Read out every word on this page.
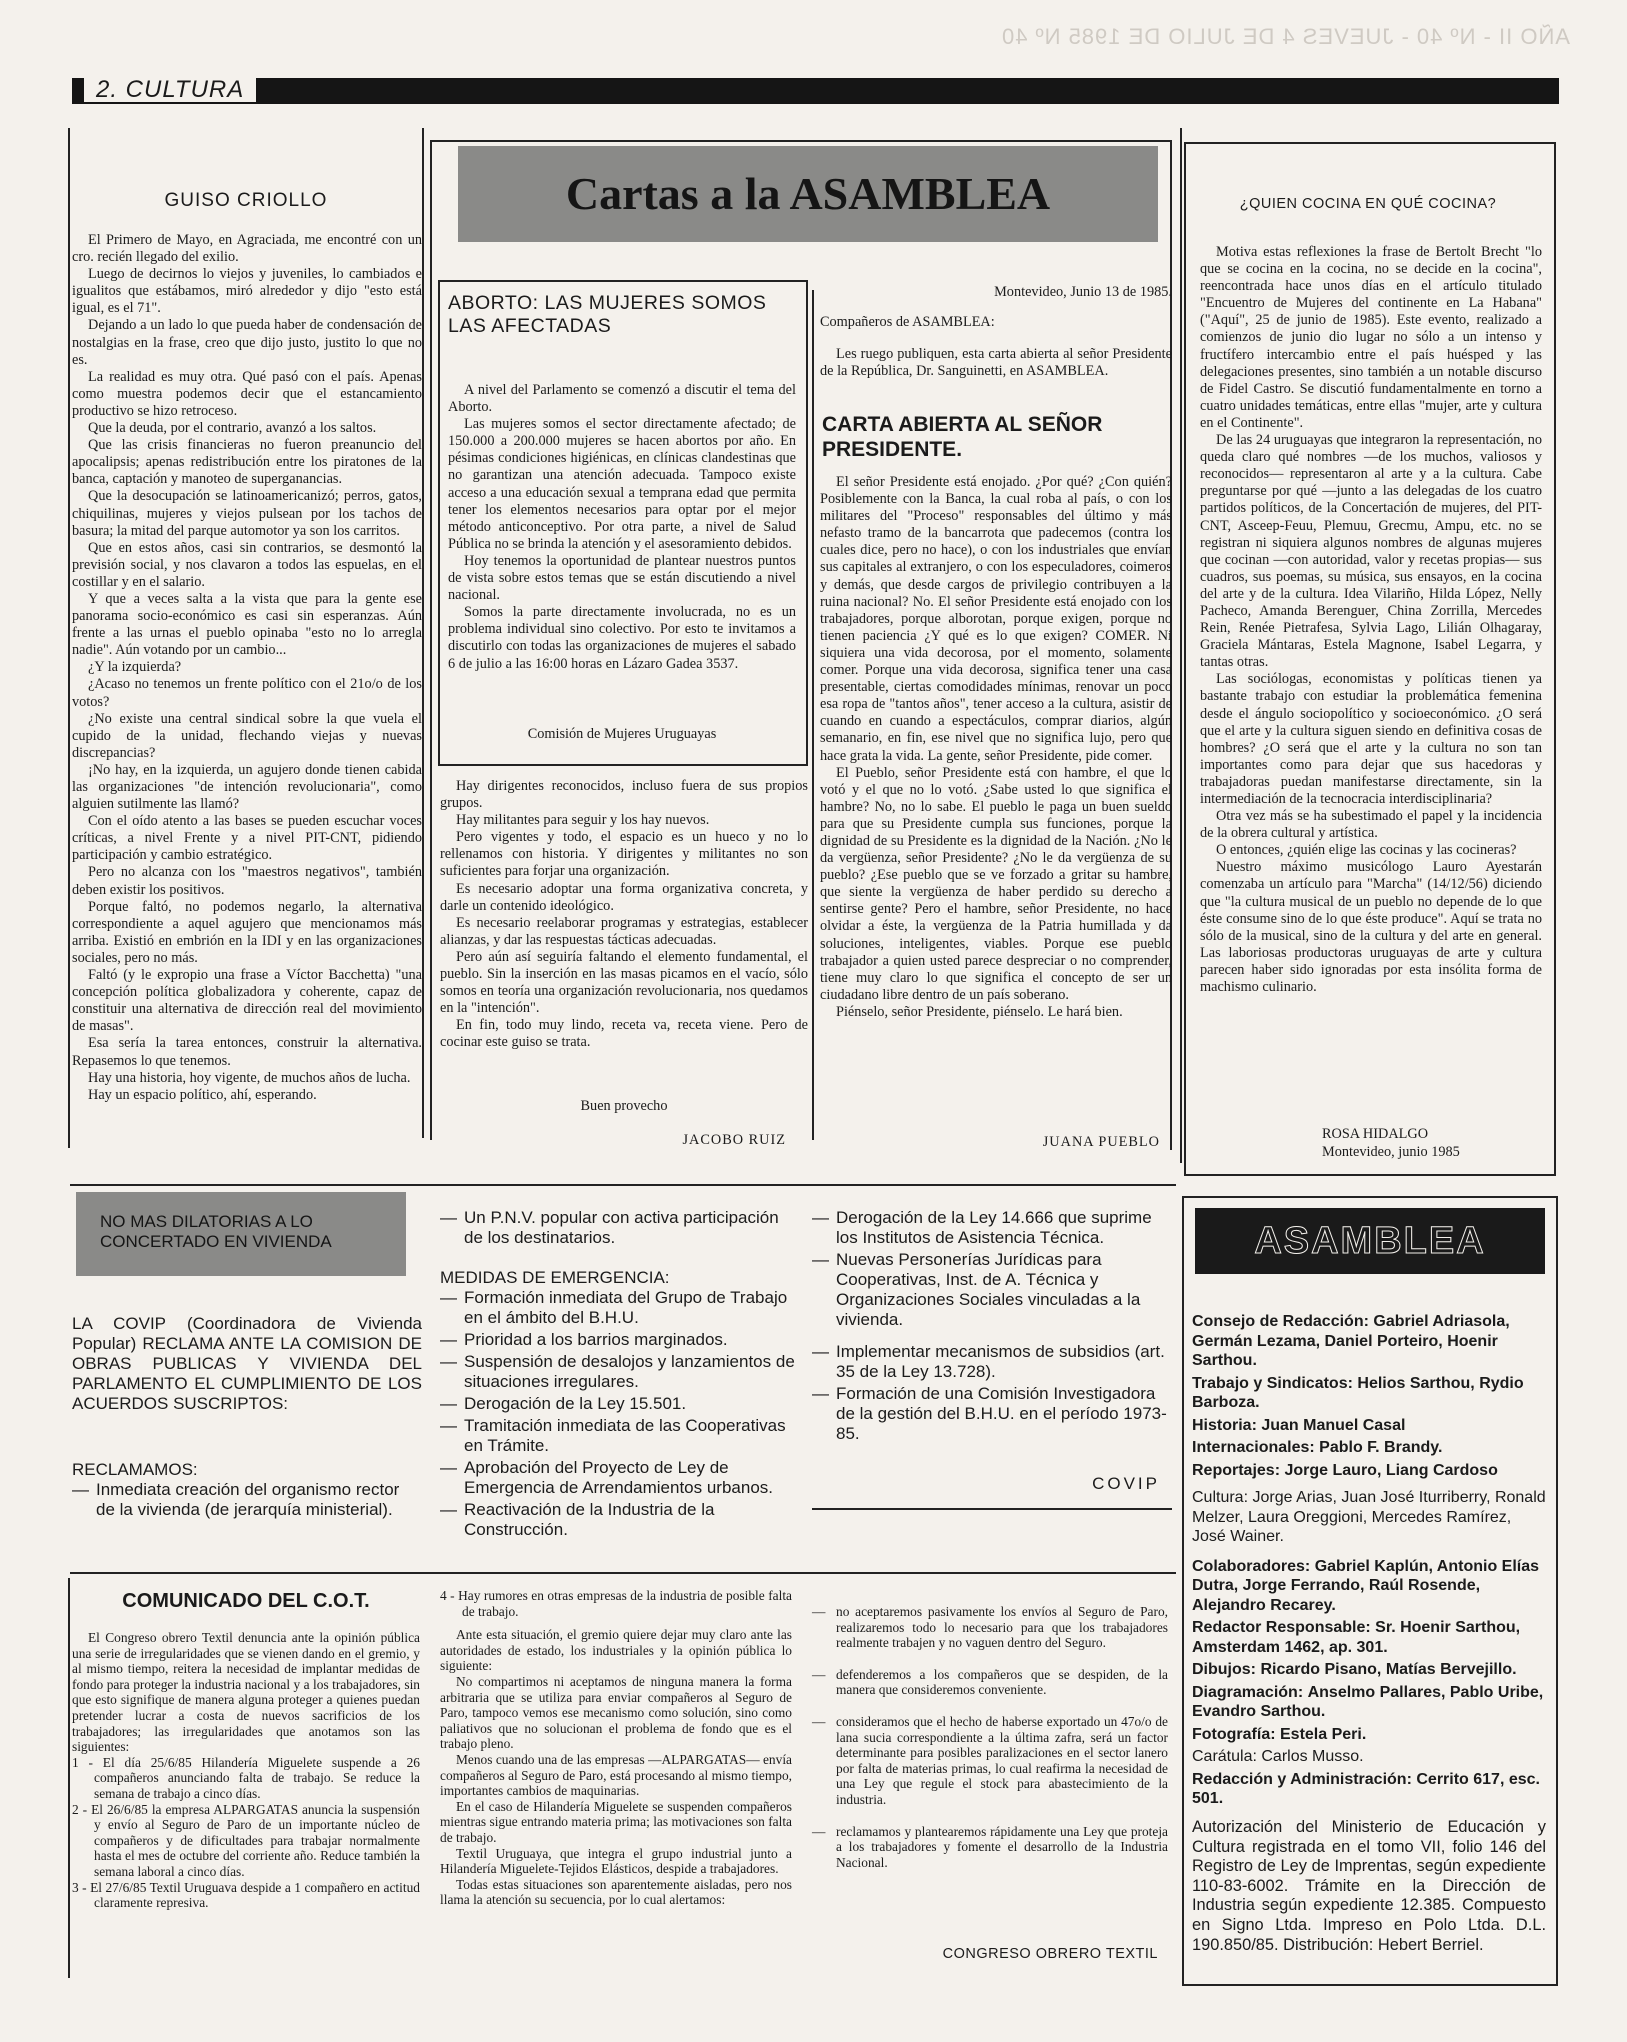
AÑO II - Nº 40 - JUEVES 4 DE JULIO DE 1985 Nº 40
2. CULTURA
Cartas a la ASAMBLEA
GUISO CRIOLLO

El Primero de Mayo, en Agraciada, me encontré con un cro. recién llegado del exilio.

Luego de decirnos lo viejos y juveniles, lo cambiados e igualitos que estábamos, miró alrededor y dijo "esto está igual, es el 71".

Dejando a un lado lo que pueda haber de condensación de nostalgias en la frase, creo que dijo justo, justito lo que no es.

La realidad es muy otra. Qué pasó con el país. Apenas como muestra podemos decir que el estancamiento productivo se hizo retroceso.

Que la deuda, por el contrario, avanzó a los saltos.

Que las crisis financieras no fueron preanuncio del apocalipsis; apenas redistribución entre los piratones de la banca, captación y manoteo de superganancias.

Que la desocupación se latinoamericanizó; perros, gatos, chiquilinas, mujeres y viejos pulsean por los tachos de basura; la mitad del parque automotor ya son los carritos.

Que en estos años, casi sin contrarios, se desmontó la previsión social, y nos clavaron a todos las espuelas, en el costillar y en el salario.

Y que a veces salta a la vista que para la gente ese panorama socio-económico es casi sin esperanzas. Aún frente a las urnas el pueblo opinaba "esto no lo arregla nadie". Aún votando por un cambio...

¿Y la izquierda?

¿Acaso no tenemos un frente político con el 21o/o de los votos?

¿No existe una central sindical sobre la que vuela el cupido de la unidad, flechando viejas y nuevas discrepancias?

¡No hay, en la izquierda, un agujero donde tienen cabida las organizaciones "de intención revolucionaria", como alguien sutilmente las llamó?

Con el oído atento a las bases se pueden escuchar voces críticas, a nivel Frente y a nivel PIT-CNT, pidiendo participación y cambio estratégico.

Pero no alcanza con los "maestros negativos", también deben existir los positivos.

Porque faltó, no podemos negarlo, la alternativa correspondiente a aquel agujero que mencionamos más arriba. Existió en embrión en la IDI y en las organizaciones sociales, pero no más.

Faltó (y le expropio una frase a Víctor Bacchetta) "una concepción política globalizadora y coherente, capaz de constituir una alternativa de dirección real del movimiento de masas".

Esa sería la tarea entonces, construir la alternativa. Repasemos lo que tenemos.

Hay una historia, hoy vigente, de muchos años de lucha.

Hay un espacio político, ahí, esperando.

ABORTO: LAS MUJERES SOMOS LAS AFECTADAS

A nivel del Parlamento se comenzó a discutir el tema del Aborto.

Las mujeres somos el sector directamente afectado; de 150.000 a 200.000 mujeres se hacen abortos por año. En pésimas condiciones higiénicas, en clínicas clandestinas que no garantizan una atención adecuada. Tampoco existe acceso a una educación sexual a temprana edad que permita tener los elementos necesarios para optar por el mejor método anticonceptivo. Por otra parte, a nivel de Salud Pública no se brinda la atención y el asesoramiento debidos.

Hoy tenemos la oportunidad de plantear nuestros puntos de vista sobre estos temas que se están discutiendo a nivel nacional.

Somos la parte directamente involucrada, no es un problema individual sino colectivo. Por esto te invitamos a discutirlo con todas las organizaciones de mujeres el sabado 6 de julio a las 16:00 horas en Lázaro Gadea 3537.

Comisión de Mujeres Uruguayas

Hay dirigentes reconocidos, incluso fuera de sus propios grupos.

Hay militantes para seguir y los hay nuevos.

Pero vigentes y todo, el espacio es un hueco y no lo rellenamos con historia. Y dirigentes y militantes no son suficientes para forjar una organización.

Es necesario adoptar una forma organizativa concreta, y darle un contenido ideológico.

Es necesario reelaborar programas y estrategias, establecer alianzas, y dar las respuestas tácticas adecuadas.

Pero aún así seguiría faltando el elemento fundamental, el pueblo. Sin la inserción en las masas picamos en el vacío, sólo somos en teoría una organización revolucionaria, nos quedamos en la "intención".

En fin, todo muy lindo, receta va, receta viene. Pero de cocinar este guiso se trata.

Buen provecho
JACOBO RUIZ
Montevideo, Junio 13 de 1985.
Compañeros de ASAMBLEA:

Les ruego publiquen, esta carta abierta al señor Presidente de la República, Dr. Sanguinetti, en ASAMBLEA.

CARTA ABIERTA AL SEÑOR PRESIDENTE.

El señor Presidente está enojado. ¿Por qué? ¿Con quién? Posiblemente con la Banca, la cual roba al país, o con los militares del "Proceso" responsables del último y más nefasto tramo de la bancarrota que padecemos (contra los cuales dice, pero no hace), o con los industriales que envían sus capitales al extranjero, o con los especuladores, coimeros y demás, que desde cargos de privilegio contribuyen a la ruina nacional? No. El señor Presidente está enojado con los trabajadores, porque alborotan, porque exigen, porque no tienen paciencia ¿Y qué es lo que exigen? COMER. Ni siquiera una vida decorosa, por el momento, solamente comer. Porque una vida decorosa, significa tener una casa presentable, ciertas comodidades mínimas, renovar un poco esa ropa de "tantos años", tener acceso a la cultura, asistir de cuando en cuando a espectáculos, comprar diarios, algún semanario, en fin, ese nivel que no significa lujo, pero que hace grata la vida. La gente, señor Presidente, pide comer.

El Pueblo, señor Presidente está con hambre, el que lo votó y el que no lo votó. ¿Sabe usted lo que significa el hambre? No, no lo sabe. El pueblo le paga un buen sueldo para que su Presidente cumpla sus funciones, porque la dignidad de su Presidente es la dignidad de la Nación. ¿No le da vergüenza, señor Presidente? ¿No le da vergüenza de su pueblo? ¿Ese pueblo que se ve forzado a gritar su hambre, que siente la vergüenza de haber perdido su derecho a sentirse gente? Pero el hambre, señor Presidente, no hace olvidar a éste, la vergüenza de la Patria humillada y da soluciones, inteligentes, viables. Porque ese pueblo trabajador a quien usted parece despreciar o no comprender, tiene muy claro lo que significa el concepto de ser un ciudadano libre dentro de un país soberano.

Piénselo, señor Presidente, piénselo. Le hará bien.

JUANA PUEBLO
¿QUIEN COCINA EN QUÉ COCINA?

Motiva estas reflexiones la frase de Bertolt Brecht "lo que se cocina en la cocina, no se decide en la cocina", reencontrada hace unos días en el artículo titulado "Encuentro de Mujeres del continente en La Habana" ("Aquí", 25 de junio de 1985). Este evento, realizado a comienzos de junio dio lugar no sólo a un intenso y fructífero intercambio entre el país huésped y las delegaciones presentes, sino también a un notable discurso de Fidel Castro. Se discutió fundamentalmente en torno a cuatro unidades temáticas, entre ellas "mujer, arte y cultura en el Continente".

De las 24 uruguayas que integraron la representación, no queda claro qué nombres —de los muchos, valiosos y reconocidos— representaron al arte y a la cultura. Cabe preguntarse por qué —junto a las delegadas de los cuatro partidos políticos, de la Concertación de mujeres, del PIT-CNT, Asceep-Feuu, Plemuu, Grecmu, Ampu, etc. no se registran ni siquiera algunos nombres de algunas mujeres que cocinan —con autoridad, valor y recetas propias— sus cuadros, sus poemas, su música, sus ensayos, en la cocina del arte y de la cultura. Idea Vilariño, Hilda López, Nelly Pacheco, Amanda Berenguer, China Zorrilla, Mercedes Rein, Renée Pietrafesa, Sylvia Lago, Lilián Olhagaray, Graciela Mántaras, Estela Magnone, Isabel Legarra, y tantas otras.

Las sociólogas, economistas y políticas tienen ya bastante trabajo con estudiar la problemática femenina desde el ángulo sociopolítico y socioeconómico. ¿O será que el arte y la cultura siguen siendo en definitiva cosas de hombres? ¿O será que el arte y la cultura no son tan importantes como para dejar que sus hacedoras y trabajadoras puedan manifestarse directamente, sin la intermediación de la tecnocracia interdisciplinaria?

Otra vez más se ha subestimado el papel y la incidencia de la obrera cultural y artística.

O entonces, ¿quién elige las cocinas y las cocineras?

Nuestro máximo musicólogo Lauro Ayestarán comenzaba un artículo para "Marcha" (14/12/56) diciendo que "la cultura musical de un pueblo no depende de lo que éste consume sino de lo que éste produce". Aquí se trata no sólo de la musical, sino de la cultura y del arte en general. Las laboriosas productoras uruguayas de arte y cultura parecen haber sido ignoradas por esta insólita forma de machismo culinario.

ROSA HIDALGO
Montevideo, junio 1985
NO MAS DILATORIAS A LO CONCERTADO EN VIVIENDA
LA COVIP (Coordinadora de Vivienda Popular) RECLAMA ANTE LA COMISION DE OBRAS PUBLICAS Y VIVIENDA DEL PARLAMENTO EL CUMPLIMIENTO DE LOS ACUERDOS SUSCRIPTOS:
RECLAMAMOS:
— Inmediata creación del organismo rector de la vivienda (de jerarquía ministerial).
— Un P.N.V. popular con activa participación de los destinatarios.
MEDIDAS DE EMERGENCIA:
— Formación inmediata del Grupo de Trabajo en el ámbito del B.H.U.
— Prioridad a los barrios marginados.
— Suspensión de desalojos y lanzamientos de situaciones irregulares.
— Derogación de la Ley 15.501.
— Tramitación inmediata de las Cooperativas en Trámite.
— Aprobación del Proyecto de Ley de Emergencia de Arrendamientos urbanos.
— Reactivación de la Industria de la Construcción.
— Derogación de la Ley 14.666 que suprime los Institutos de Asistencia Técnica.
— Nuevas Personerías Jurídicas para Cooperativas, Inst. de A. Técnica y Organizaciones Sociales vinculadas a la vivienda.
— Implementar mecanismos de subsidios (art. 35 de la Ley 13.728).
— Formación de una Comisión Investigadora de la gestión del B.H.U. en el período 1973-85.
COVIP
COMUNICADO DEL C.O.T.

El Congreso obrero Textil denuncia ante la opinión pública una serie de irregularidades que se vienen dando en el gremio, y al mismo tiempo, reitera la necesidad de implantar medidas de fondo para proteger la industria nacional y a los trabajadores, sin que esto signifique de manera alguna proteger a quienes puedan pretender lucrar a costa de nuevos sacrificios de los trabajadores; las irregularidades que anotamos son las siguientes:

1 - El día 25/6/85 Hilandería Miguelete suspende a 26 compañeros anunciando falta de trabajo. Se reduce la semana de trabajo a cinco días.
2 - El 26/6/85 la empresa ALPARGATAS anuncia la suspensión y envío al Seguro de Paro de un importante núcleo de compañeros y de dificultades para trabajar normalmente hasta el mes de octubre del corriente año. Reduce también la semana laboral a cinco días.
3 - El 27/6/85 Textil Uruguava despide a 1 compañero en actitud claramente represiva.
4 - Hay rumores en otras empresas de la industria de posible falta de trabajo.

Ante esta situación, el gremio quiere dejar muy claro ante las autoridades de estado, los industriales y la opinión pública lo siguiente:

No compartimos ni aceptamos de ninguna manera la forma arbitraria que se utiliza para enviar compañeros al Seguro de Paro, tampoco vemos ese mecanismo como solución, sino como paliativos que no solucionan el problema de fondo que es el trabajo pleno.

Menos cuando una de las empresas —ALPARGATAS— envía compañeros al Seguro de Paro, está procesando al mismo tiempo, importantes cambios de maquinarias.

En el caso de Hilandería Miguelete se suspenden compañeros mientras sigue entrando materia prima; las motivaciones son falta de trabajo.

Textil Uruguaya, que integra el grupo industrial junto a Hilandería Miguelete-Tejidos Elásticos, despide a trabajadores.

Todas estas situaciones son aparentemente aisladas, pero nos llama la atención su secuencia, por lo cual alertamos:

— no aceptaremos pasivamente los envíos al Seguro de Paro, realizaremos todo lo necesario para que los trabajadores realmente trabajen y no vaguen dentro del Seguro.
— defenderemos a los compañeros que se despiden, de la manera que consideremos conveniente.
— consideramos que el hecho de haberse exportado un 47o/o de lana sucia correspondiente a la última zafra, será un factor determinante para posibles paralizaciones en el sector lanero por falta de materias primas, lo cual reafirma la necesidad de una Ley que regule el stock para abastecimiento de la industria.
— reclamamos y plantearemos rápidamente una Ley que proteja a los trabajadores y fomente el desarrollo de la Industria Nacional.
CONGRESO OBRERO TEXTIL
ASAMBLEA

Consejo de Redacción: Gabriel Adriasola, Germán Lezama, Daniel Porteiro, Hoenir Sarthou.

Trabajo y Sindicatos: Helios Sarthou, Rydio Barboza.

Historia: Juan Manuel Casal

Internacionales: Pablo F. Brandy.

Reportajes: Jorge Lauro, Liang Cardoso

Cultura: Jorge Arias, Juan José Iturriberry, Ronald Melzer, Laura Oreggioni, Mercedes Ramírez, José Wainer.

Colaboradores: Gabriel Kaplún, Antonio Elías Dutra, Jorge Ferrando, Raúl Rosende, Alejandro Recarey.

Redactor Responsable: Sr. Hoenir Sarthou, Amsterdam 1462, ap. 301.

Dibujos: Ricardo Pisano, Matías Bervejillo.

Diagramación: Anselmo Pallares, Pablo Uribe, Evandro Sarthou.

Fotografía: Estela Peri.

Carátula: Carlos Musso.

Redacción y Administración: Cerrito 617, esc. 501.

Autorización del Ministerio de Educación y Cultura registrada en el tomo VII, folio 146 del Registro de Ley de Imprentas, según expediente 110-83-6002. Trámite en la Dirección de Industria según expediente 12.385. Compuesto en Signo Ltda. Impreso en Polo Ltda. D.L. 190.850/85. Distribución: Hebert Berriel.
